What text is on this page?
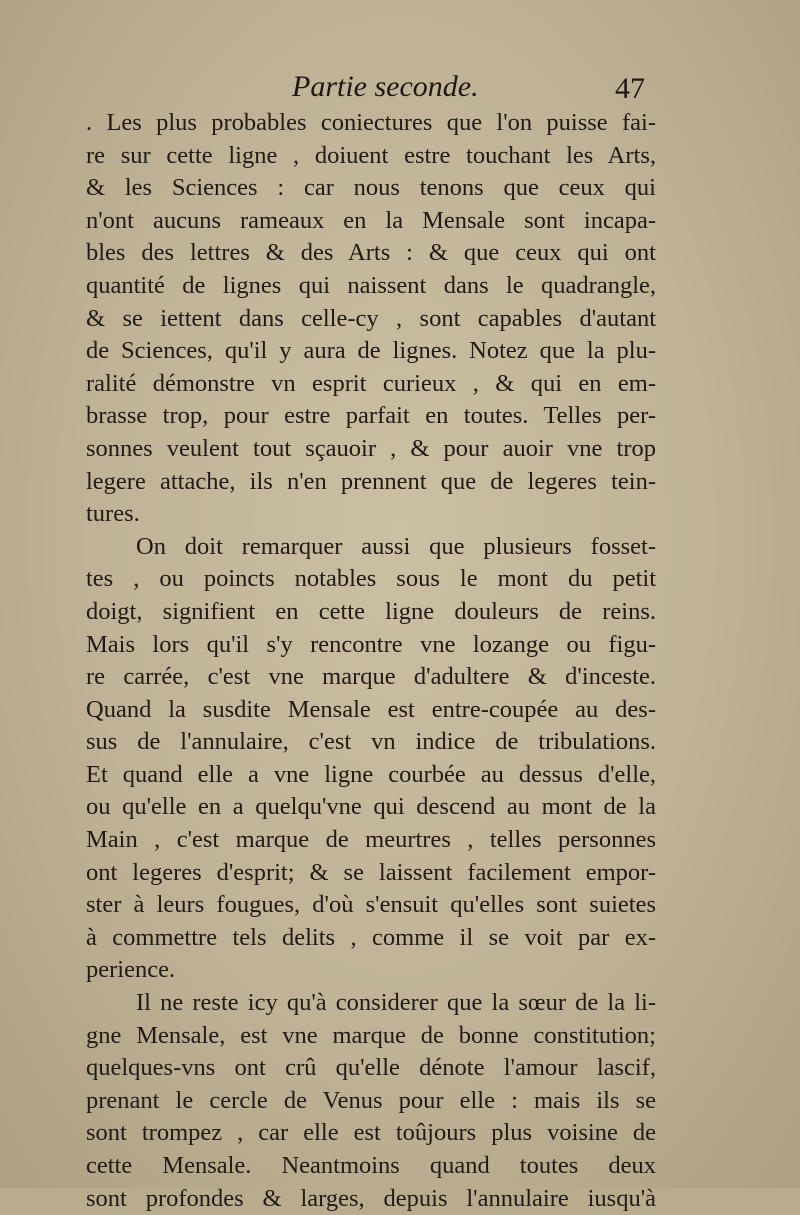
Partie seconde.	47
. Les plus probables coniectures que l'on puisse fai-
re sur cette ligne , doiuent estre touchant les Arts,
& les Sciences : car nous tenons que ceux qui
n'ont aucuns rameaux en la Mensale sont incapa-
bles des lettres & des Arts : & que ceux qui ont
quantité de lignes qui naissent dans le quadrangle,
& se iettent dans celle-cy , sont capables d'autant
de Sciences, qu'il y aura de lignes. Notez que la plu-
ralité démonstre vn esprit curieux , & qui en em-
brasse trop, pour estre parfait en toutes. Telles per-
sonnes veulent tout sçauoir , & pour auoir vne trop
legere attache, ils n'en prennent que de legeres tein-
tures.
On doit remarquer aussi que plusieurs fosset-
tes , ou poincts notables sous le mont du petit
doigt, signifient en cette ligne douleurs de reins.
Mais lors qu'il s'y rencontre vne lozange ou figu-
re carrée, c'est vne marque d'adultere & d'inceste.
Quand la susdite Mensale est entre-coupée au des-
sus de l'annulaire, c'est vn indice de tribulations.
Et quand elle a vne ligne courbée au dessus d'elle,
ou qu'elle en a quelqu'vne qui descend au mont de la
Main , c'est marque de meurtres , telles personnes
ont legeres d'esprit; & se laissent facilement empor-
ster à leurs fougues, d'où s'ensuit qu'elles sont suietes
à commettre tels delits , comme il se voit par ex-
perience.
Il ne reste icy qu'à considerer que la sœur de la li-
gne Mensale, est vne marque de bonne constitution;
quelques-vns ont crû qu'elle dénote l'amour lascif,
prenant le cercle de Venus pour elle : mais ils se
sont trompez , car elle est toûjours plus voisine de
cette Mensale. Neantmoins quand toutes deux
sont profondes & larges, depuis l'annulaire iusqu'à
